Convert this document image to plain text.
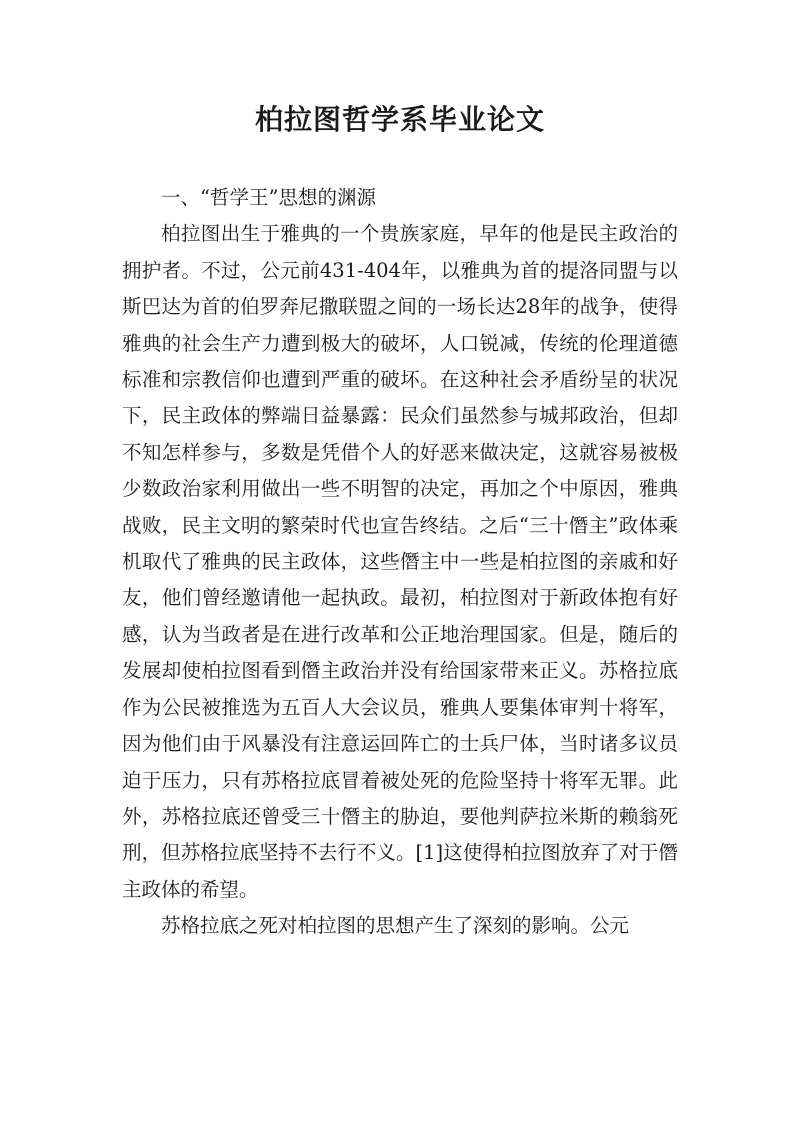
柏拉图哲学系毕业论文
一、“哲学王”思想的渊源

柏拉图出生于雅典的一个贵族家庭，早年的他是民主政治的拥护者。不过，公元前431-404年，以雅典为首的提洛同盟与以斯巴达为首的伯罗奔尼撒联盟之间的一场长达28年的战争，使得雅典的社会生产力遭到极大的破坏，人口锐减，传统的伦理道德标准和宗教信仰也遭到严重的破坏。在这种社会矛盾纷呈的状况下，民主政体的弊端日益暴露：民众们虽然参与城邦政治，但却不知怎样参与，多数是凭借个人的好恶来做决定，这就容易被极少数政治家利用做出一些不明智的决定，再加之个中原因，雅典战败，民主文明的繁荣时代也宣告终结。之后“三十僭主”政体乘机取代了雅典的民主政体，这些僭主中一些是柏拉图的亲戚和好友，他们曾经邀请他一起执政。最初，柏拉图对于新政体抱有好感，认为当政者是在进行改革和公正地治理国家。但是，随后的发展却使柏拉图看到僭主政治并没有给国家带来正义。苏格拉底作为公民被推选为五百人大会议员，雅典人要集体审判十将军，因为他们由于风暴没有注意运回阵亡的士兵尸体，当时诸多议员迫于压力，只有苏格拉底冒着被处死的危险坚持十将军无罪。此外，苏格拉底还曾受三十僭主的胁迫，要他判萨拉米斯的赖翁死刑，但苏格拉底坚持不去行不义。[1]这使得柏拉图放弃了对于僭主政体的希望。

苏格拉底之死对柏拉图的思想产生了深刻的影响。公元
